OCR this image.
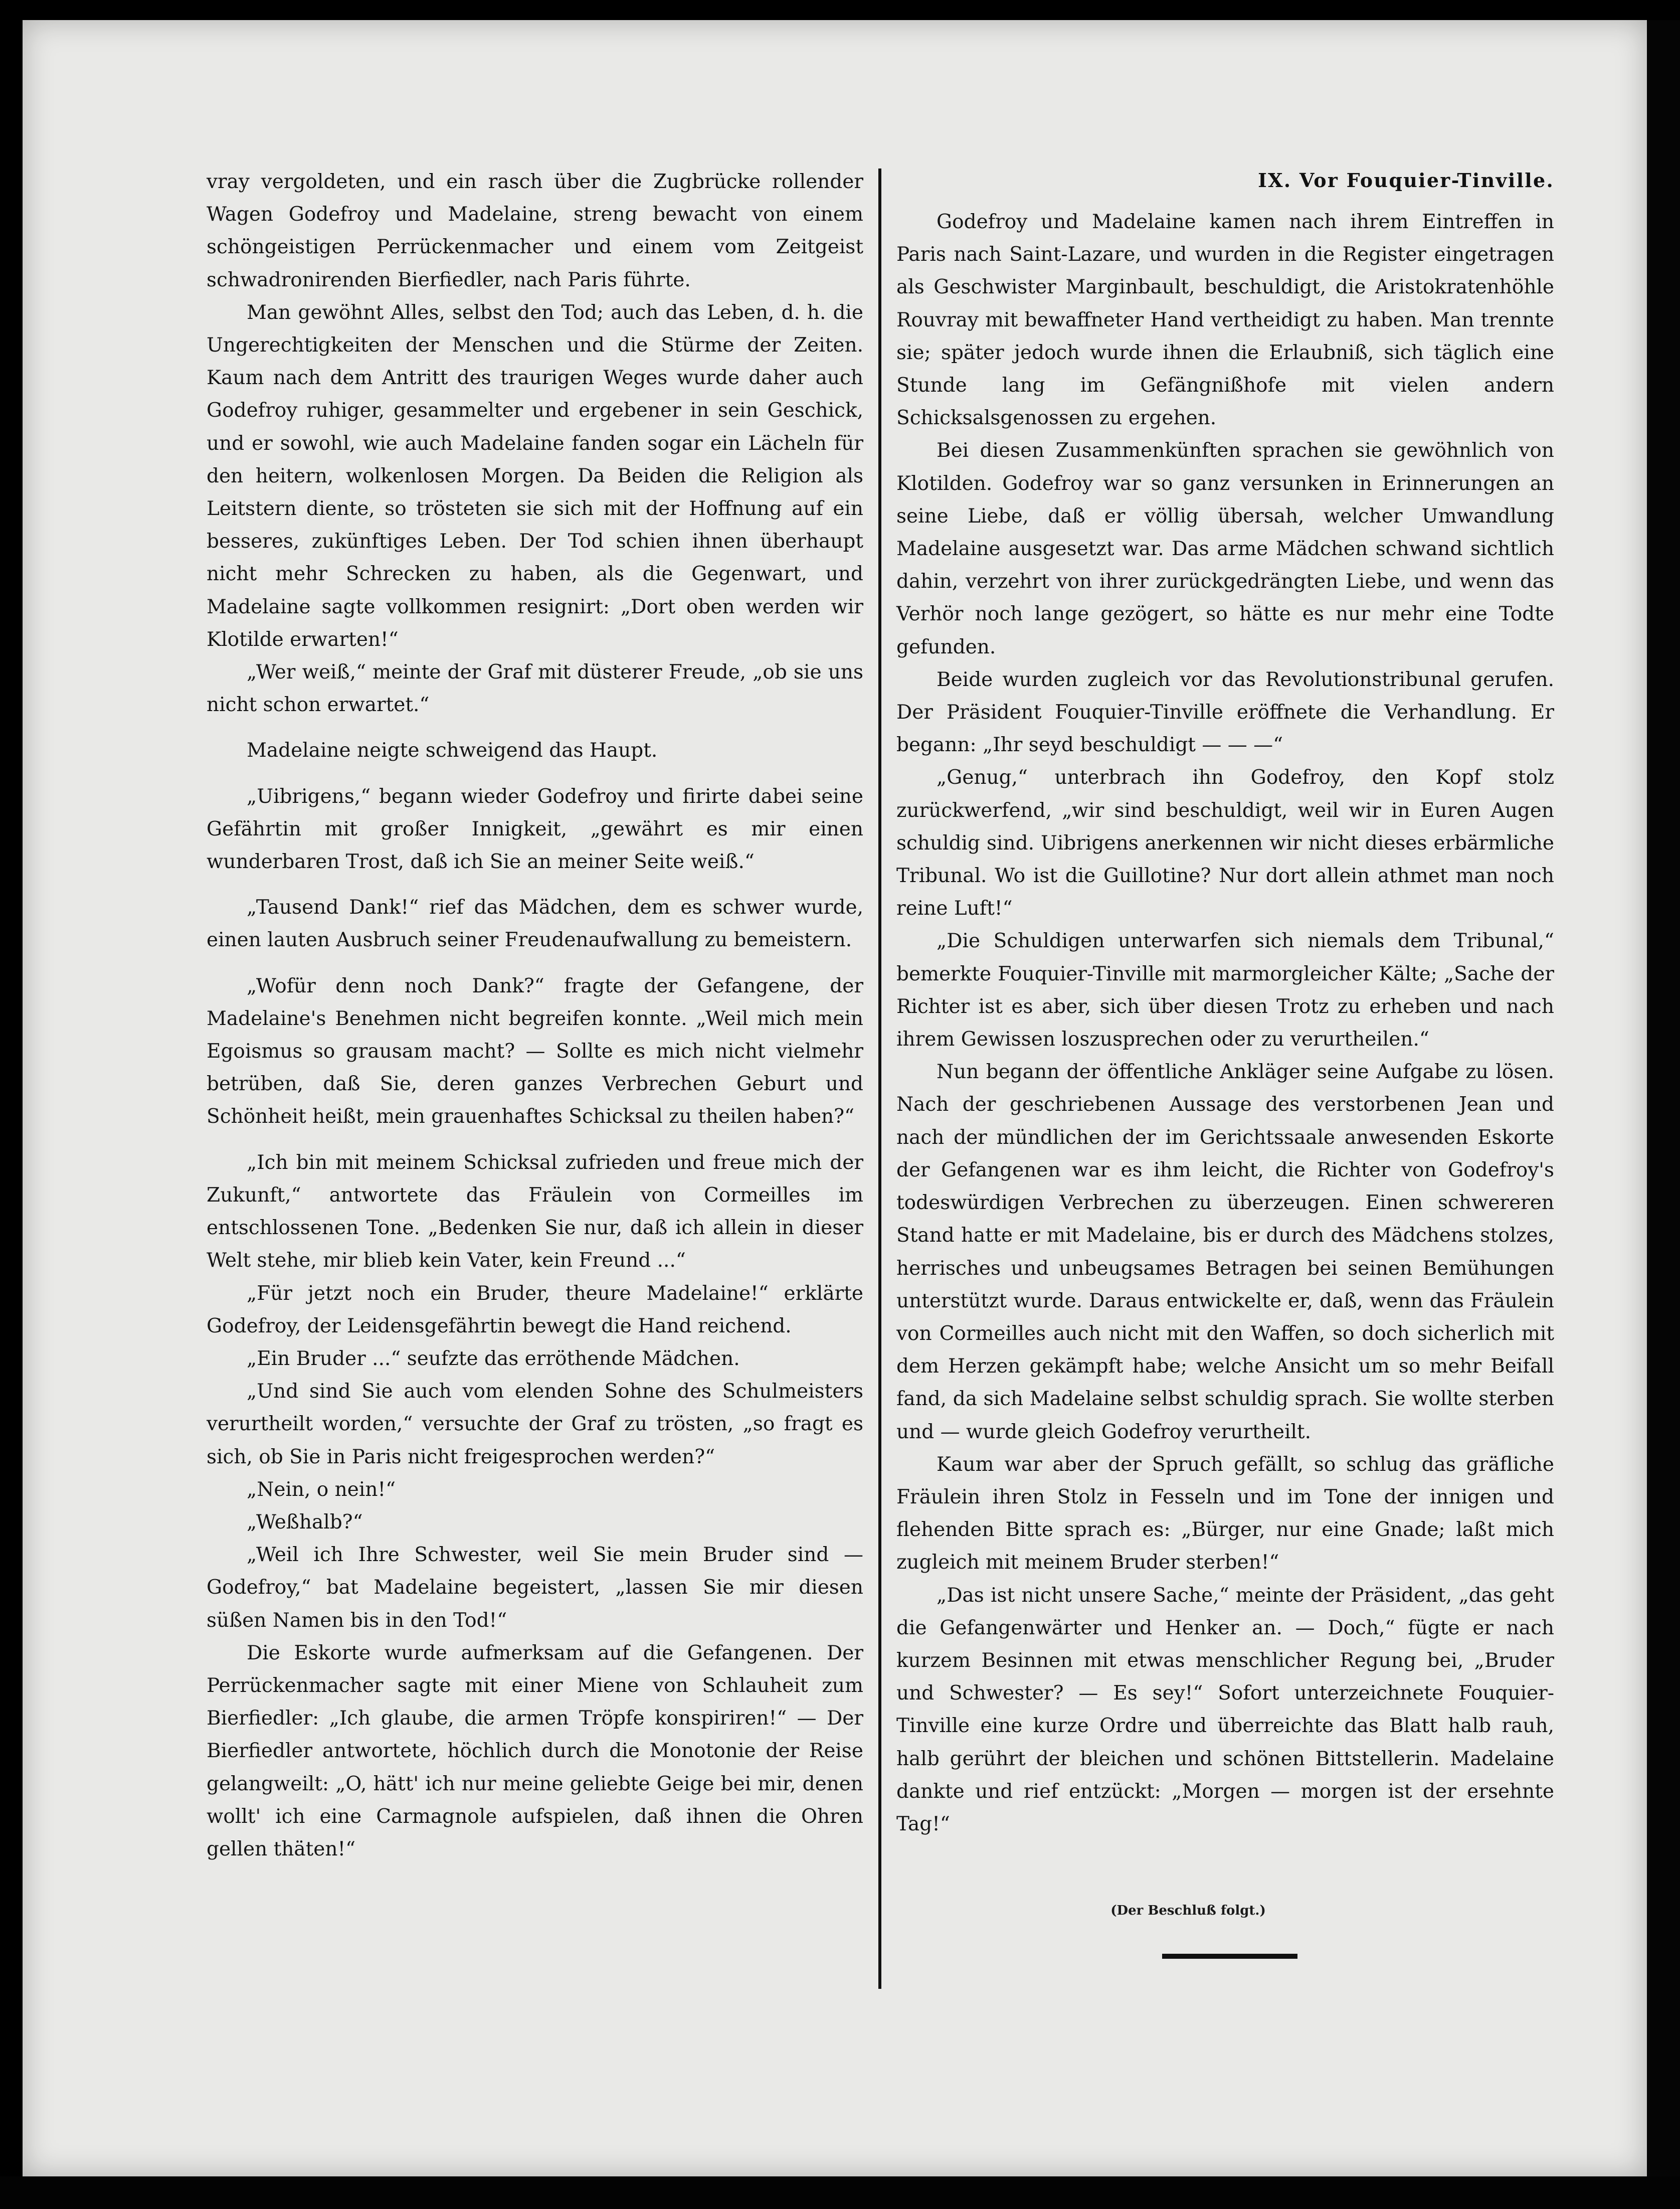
IX. Vor Fouquier-Tinville.

vray vergoldeten, und ein rasch über die Zugbrücke rollender Wagen Godefroy und Madelaine, streng bewacht von einem schöngeistigen Perrückenmacher und einem vom Zeitgeist schwadronirenden Bierfiedler, nach Paris führte.

Man gewöhnt Alles, selbst den Tod; auch das Leben, d. h. die Ungerechtigkeiten der Menschen und die Stürme der Zeiten. Kaum nach dem Antritt des traurigen Weges wurde daher auch Godefroy ruhiger, gesammelter und ergebener in sein Geschick, und er sowohl, wie auch Madelaine fanden sogar ein Lächeln für den heitern, wolkenlosen Morgen. Da Beiden die Religion als Leitstern diente, so trösteten sie sich mit der Hoffnung auf ein besseres, zukünftiges Leben. Der Tod schien ihnen überhaupt nicht mehr Schrecken zu haben, als die Gegenwart, und Madelaine sagte vollkommen resignirt: „Dort oben werden wir Klotilde erwarten!“

„Wer weiß,“ meinte der Graf mit düsterer Freude, „ob sie uns nicht schon erwartet.“

Madelaine neigte schweigend das Haupt.

„Uibrigens,“ begann wieder Godefroy und firirte dabei seine Gefährtin mit großer Innigkeit, „gewährt es mir einen wunderbaren Trost, daß ich Sie an meiner Seite weiß.“

„Tausend Dank!“ rief das Mädchen, dem es schwer wurde, einen lauten Ausbruch seiner Freudenaufwallung zu bemeistern.

„Wofür denn noch Dank?“ fragte der Gefangene, der Madelaine's Benehmen nicht begreifen konnte. „Weil mich mein Egoismus so grausam macht? — Sollte es mich nicht vielmehr betrüben, daß Sie, deren ganzes Verbrechen Geburt und Schönheit heißt, mein grauenhaftes Schicksal zu theilen haben?“

„Ich bin mit meinem Schicksal zufrieden und freue mich der Zukunft,“ antwortete das Fräulein von Cormeilles im entschlossenen Tone. „Bedenken Sie nur, daß ich allein in dieser Welt stehe, mir blieb kein Vater, kein Freund ...“

„Für jetzt noch ein Bruder, theure Madelaine!“ erklärte Godefroy, der Leidensgefährtin bewegt die Hand reichend.

„Ein Bruder ...“ seufzte das erröthende Mädchen.

„Und sind Sie auch vom elenden Sohne des Schulmeisters verurtheilt worden,“ versuchte der Graf zu trösten, „so fragt es sich, ob Sie in Paris nicht freigesprochen werden?“

„Nein, o nein!“

„Weßhalb?“

„Weil ich Ihre Schwester, weil Sie mein Bruder sind — Godefroy,“ bat Madelaine begeistert, „lassen Sie mir diesen süßen Namen bis in den Tod!“

Die Eskorte wurde aufmerksam auf die Gefangenen. Der Perrückenmacher sagte mit einer Miene von Schlauheit zum Bierfiedler: „Ich glaube, die armen Tröpfe konspiriren!“ — Der Bierfiedler antwortete, höchlich durch die Monotonie der Reise gelangweilt: „O, hätt' ich nur meine geliebte Geige bei mir, denen wollt' ich eine Carmagnole aufspielen, daß ihnen die Ohren gellen thäten!“

Godefroy und Madelaine kamen nach ihrem Eintreffen in Paris nach Saint-Lazare, und wurden in die Register eingetragen als Geschwister Marginbault, beschuldigt, die Aristokratenhöhle Rouvray mit bewaffneter Hand vertheidigt zu haben. Man trennte sie; später jedoch wurde ihnen die Erlaubniß, sich täglich eine Stunde lang im Gefängnißhofe mit vielen andern Schicksalsgenossen zu ergehen.

Bei diesen Zusammenkünften sprachen sie gewöhnlich von Klotilden. Godefroy war so ganz versunken in Erinnerungen an seine Liebe, daß er völlig übersah, welcher Umwandlung Madelaine ausgesetzt war. Das arme Mädchen schwand sichtlich dahin, verzehrt von ihrer zurückgedrängten Liebe, und wenn das Verhör noch lange gezögert, so hätte es nur mehr eine Todte gefunden.

Beide wurden zugleich vor das Revolutionstribunal gerufen. Der Präsident Fouquier-Tinville eröffnete die Verhandlung. Er begann: „Ihr seyd beschuldigt — — —“

„Genug,“ unterbrach ihn Godefroy, den Kopf stolz zurückwerfend, „wir sind beschuldigt, weil wir in Euren Augen schuldig sind. Uibrigens anerkennen wir nicht dieses erbärmliche Tribunal. Wo ist die Guillotine? Nur dort allein athmet man noch reine Luft!“

„Die Schuldigen unterwarfen sich niemals dem Tribunal,“ bemerkte Fouquier-Tinville mit marmorgleicher Kälte; „Sache der Richter ist es aber, sich über diesen Trotz zu erheben und nach ihrem Gewissen loszusprechen oder zu verurtheilen.“

Nun begann der öffentliche Ankläger seine Aufgabe zu lösen. Nach der geschriebenen Aussage des verstorbenen Jean und nach der mündlichen der im Gerichtssaale anwesenden Eskorte der Gefangenen war es ihm leicht, die Richter von Godefroy's todeswürdigen Verbrechen zu überzeugen. Einen schwereren Stand hatte er mit Madelaine, bis er durch des Mädchens stolzes, herrisches und unbeugsames Betragen bei seinen Bemühungen unterstützt wurde. Daraus entwickelte er, daß, wenn das Fräulein von Cormeilles auch nicht mit den Waffen, so doch sicherlich mit dem Herzen gekämpft habe; welche Ansicht um so mehr Beifall fand, da sich Madelaine selbst schuldig sprach. Sie wollte sterben und — wurde gleich Godefroy verurtheilt.

Kaum war aber der Spruch gefällt, so schlug das gräfliche Fräulein ihren Stolz in Fesseln und im Tone der innigen und flehenden Bitte sprach es: „Bürger, nur eine Gnade; laßt mich zugleich mit meinem Bruder sterben!“

„Das ist nicht unsere Sache,“ meinte der Präsident, „das geht die Gefangenwärter und Henker an. — Doch,“ fügte er nach kurzem Besinnen mit etwas menschlicher Regung bei, „Bruder und Schwester? — Es sey!“ Sofort unterzeichnete Fouquier-Tinville eine kurze Ordre und überreichte das Blatt halb rauh, halb gerührt der bleichen und schönen Bittstellerin. Madelaine dankte und rief entzückt: „Morgen — morgen ist der ersehnte Tag!“

(Der Beschluß folgt.)
